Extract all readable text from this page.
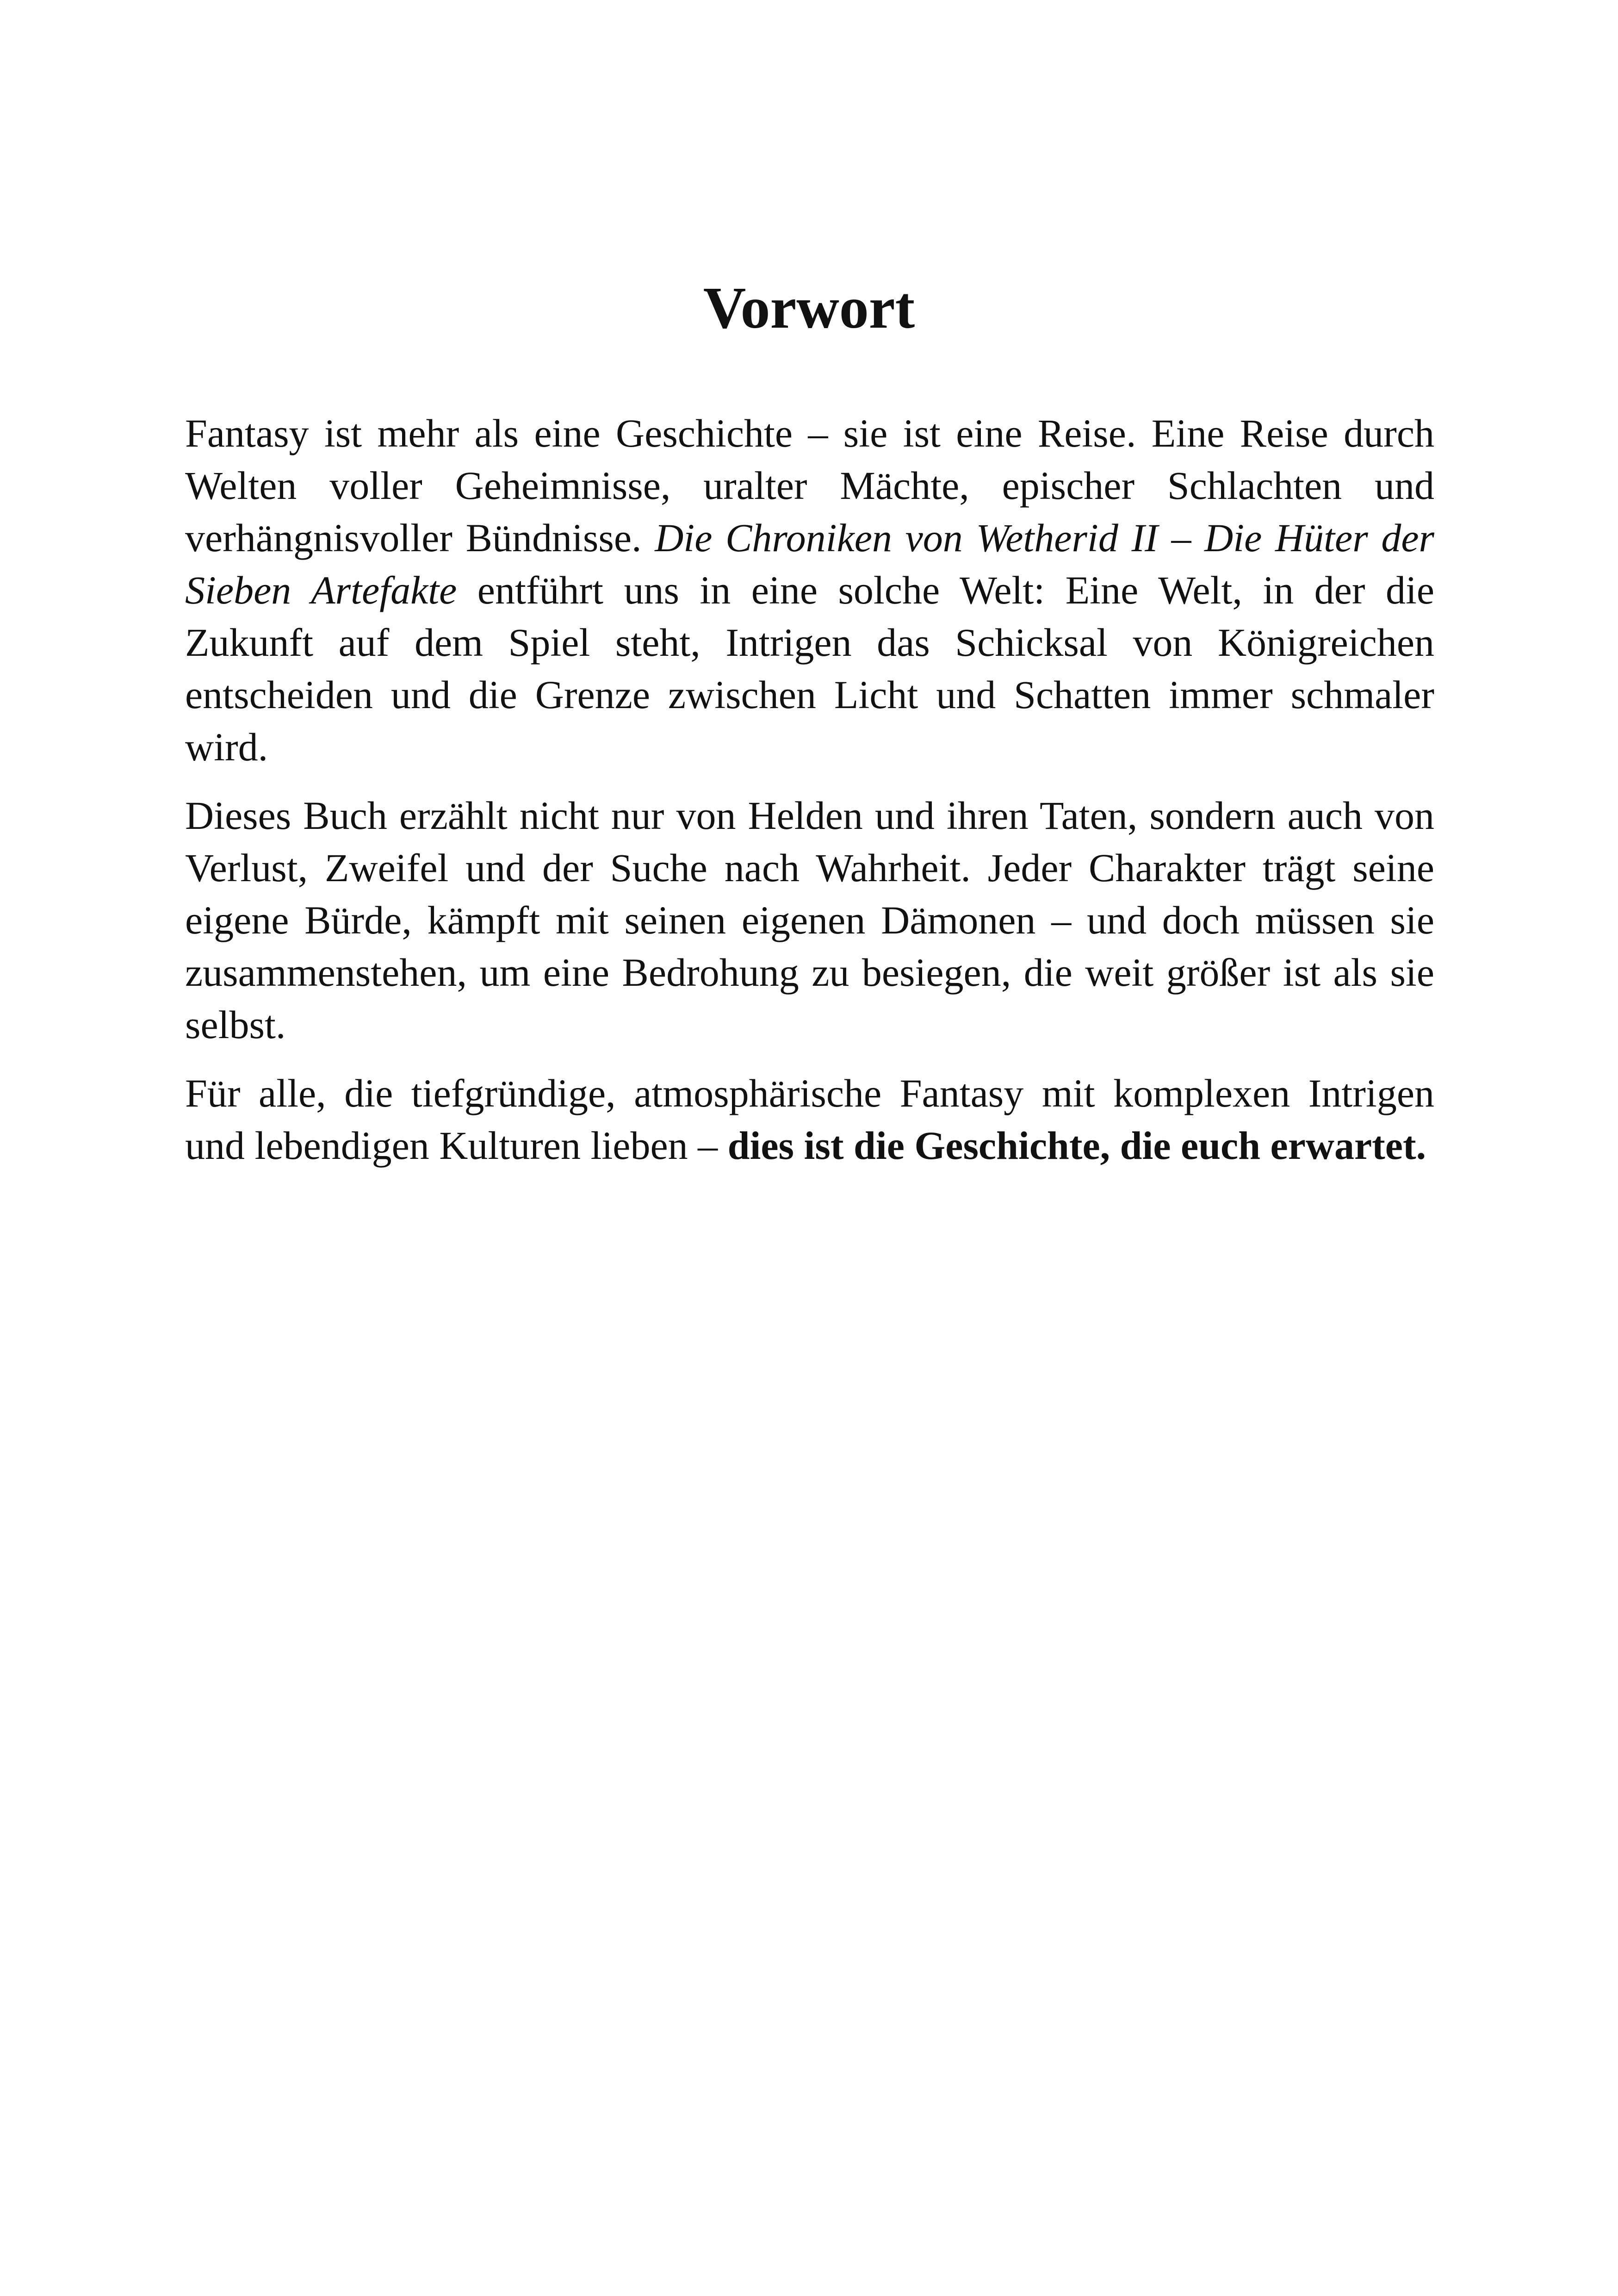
Vorwort

Fantasy ist mehr als eine Geschichte – sie ist eine Reise. Eine Reise durch Welten voller Geheimnisse, uralter Mächte, epischer Schlachten und verhängnisvoller Bündnisse. Die Chroniken von Wetherid II – Die Hüter der Sieben Artefakte entführt uns in eine solche Welt: Eine Welt, in der die Zukunft auf dem Spiel steht, Intrigen das Schicksal von Königreichen entscheiden und die Grenze zwischen Licht und Schatten immer schmaler wird.

Dieses Buch erzählt nicht nur von Helden und ihren Taten, sondern auch von Verlust, Zweifel und der Suche nach Wahrheit. Jeder Charakter trägt seine eigene Bürde, kämpft mit seinen eigenen Dämonen – und doch müssen sie zusammenstehen, um eine Bedrohung zu besiegen, die weit größer ist als sie selbst.

Für alle, die tiefgründige, atmosphärische Fantasy mit komplexen Intrigen und lebendigen Kulturen lieben – dies ist die Geschichte, die euch erwartet.
